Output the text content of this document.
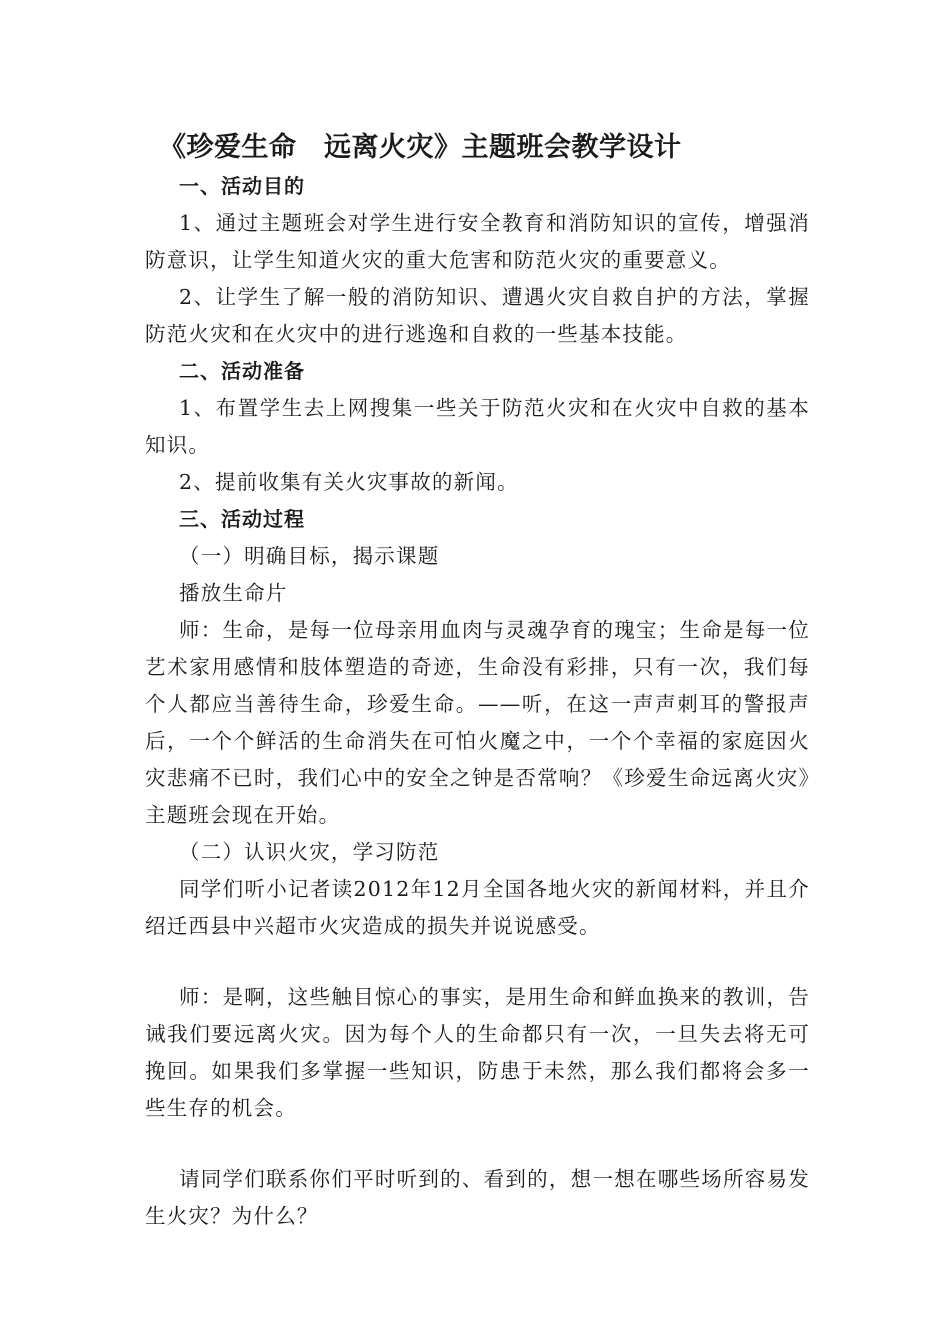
《珍爱生命　远离火灾》主题班会教学设计
一、活动目的

1、通过主题班会对学生进行安全教育和消防知识的宣传，增强消防意识，让学生知道火灾的重大危害和防范火灾的重要意义。

2、让学生了解一般的消防知识、遭遇火灾自救自护的方法，掌握防范火灾和在火灾中的进行逃逸和自救的一些基本技能。

二、活动准备

1、布置学生去上网搜集一些关于防范火灾和在火灾中自救的基本知识。

2、提前收集有关火灾事故的新闻。

三、活动过程

（一）明确目标，揭示课题

播放生命片

师：生命，是每一位母亲用血肉与灵魂孕育的瑰宝；生命是每一位艺术家用感情和肢体塑造的奇迹，生命没有彩排，只有一次，我们每个人都应当善待生命，珍爱生命。——听，在这一声声刺耳的警报声后，一个个鲜活的生命消失在可怕火魔之中，一个个幸福的家庭因火灾悲痛不已时，我们心中的安全之钟是否常响？《珍爱生命远离火灾》主题班会现在开始。

（二）认识火灾，学习防范

同学们听小记者读2012年12月全国各地火灾的新闻材料，并且介绍迁西县中兴超市火灾造成的损失并说说感受。

师：是啊，这些触目惊心的事实，是用生命和鲜血换来的教训，告诫我们要远离火灾。因为每个人的生命都只有一次，一旦失去将无可挽回。如果我们多掌握一些知识，防患于未然，那么我们都将会多一些生存的机会。

请同学们联系你们平时听到的、看到的，想一想在哪些场所容易发生火灾？为什么？
